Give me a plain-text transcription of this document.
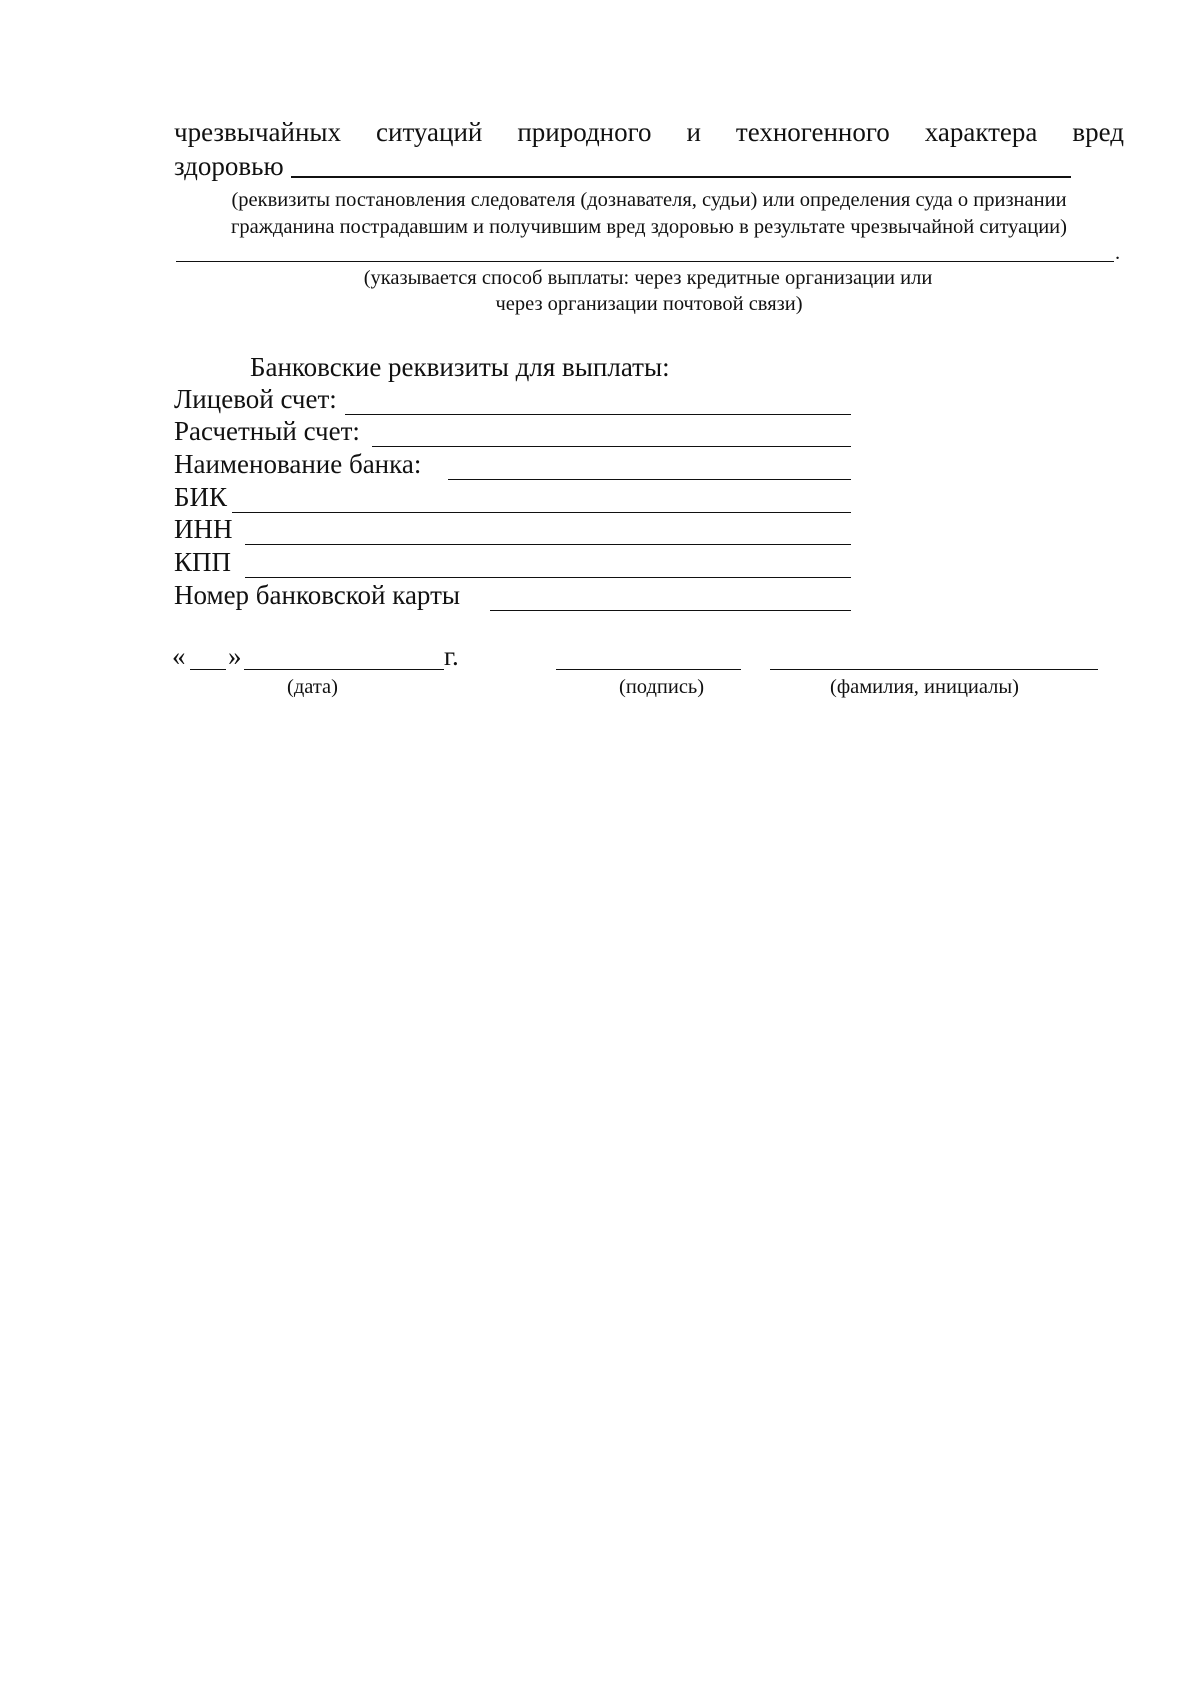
чрезвычайных ситуаций природного и техногенного характера вред
здоровью
(реквизиты постановления следователя (дознавателя, судьи) или определения суда о признании
гражданина пострадавшим и получившим вред здоровью в результате чрезвычайной ситуации)
.
(указывается способ выплаты: через кредитные организации или
через организации почтовой связи)
Банковские реквизиты для выплаты:
Лицевой счет:
Расчетный счет:
Наименование банка:
БИК
ИНН
КПП
Номер банковской карты
« »	г.
(дата)	(подпись)	(фамилия, инициалы)
